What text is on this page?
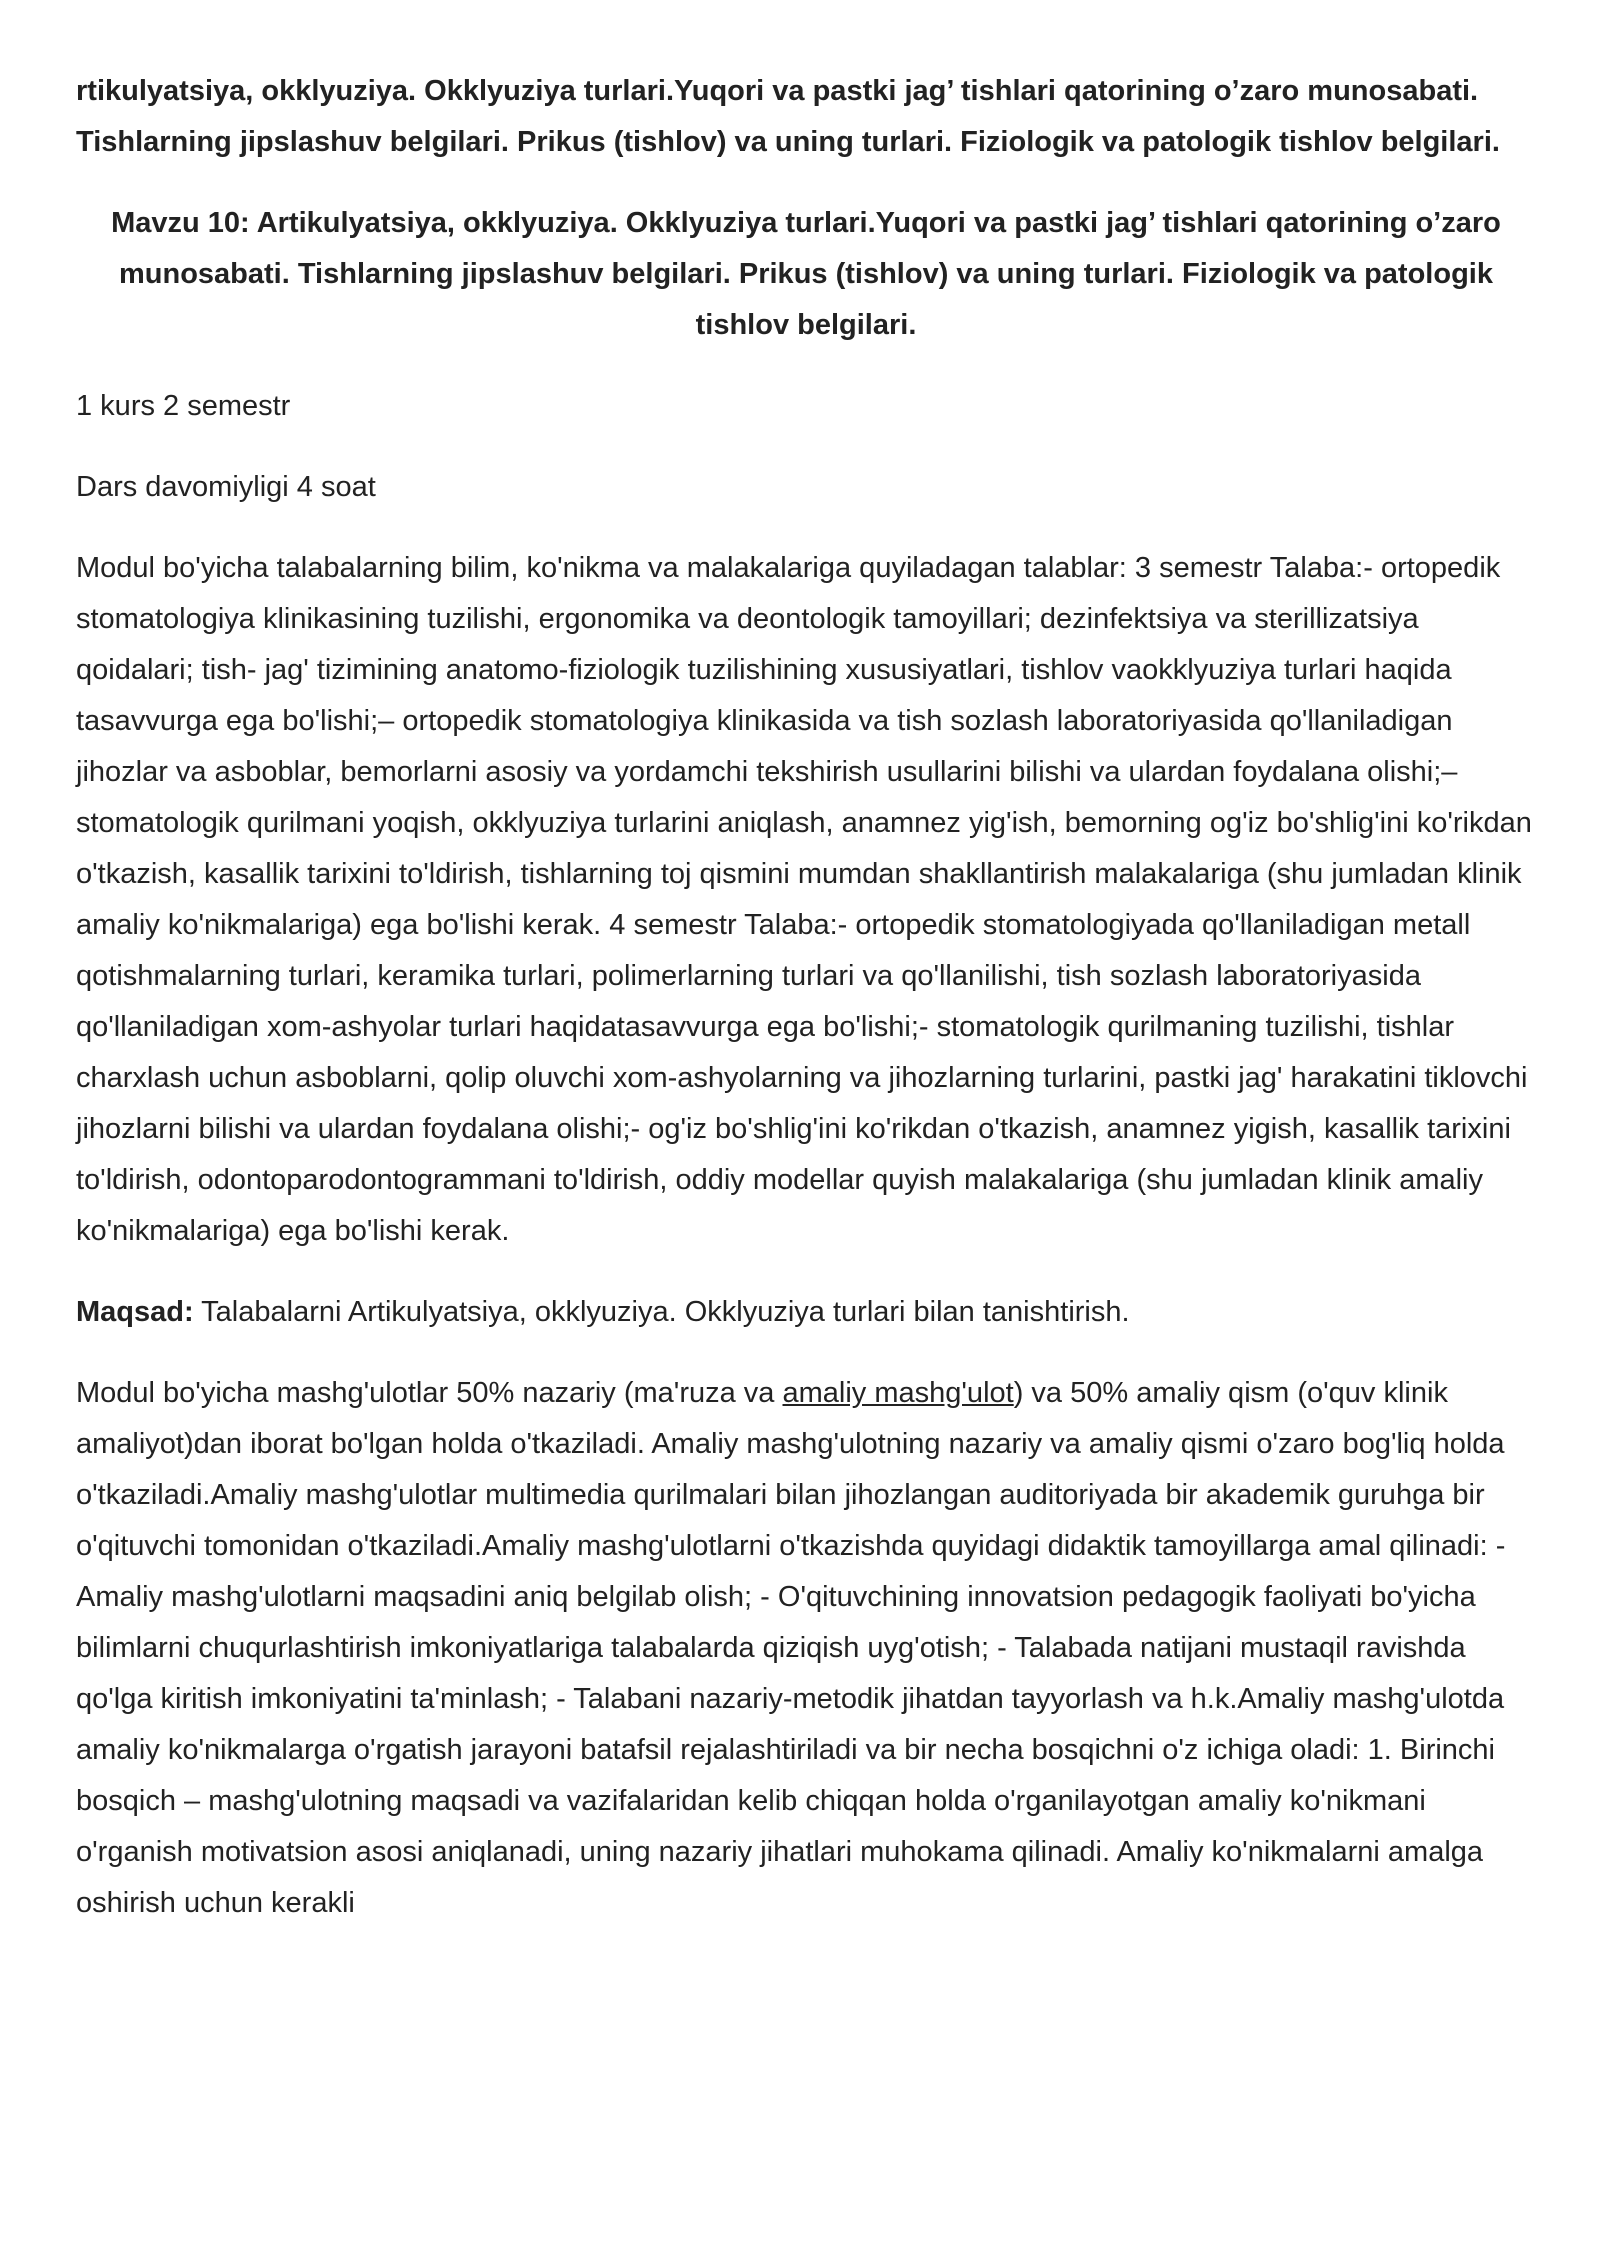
rtikulyatsiya, okklyuziya. Okklyuziya turlari.Yuqori va pastki jag’ tishlari qatorining o’zaro munosabati. Tishlarning jipslashuv belgilari. Prikus (tishlov) va uning turlari. Fiziologik va patologik tishlov belgilari.

Mavzu 10: Artikulyatsiya, okklyuziya. Okklyuziya turlari.Yuqori va pastki jag’ tishlari qatorining o’zaro munosabati. Tishlarning jipslashuv belgilari. Prikus (tishlov) va uning turlari. Fiziologik va patologik tishlov belgilari.

1 kurs 2 semestr

Dars davomiyligi 4 soat

Modul bo'yicha talabalarning bilim, ko'nikma va malakalariga quyiladagan talablar: 3 semestr Talaba:- ortopedik stomatologiya klinikasining tuzilishi, ergonomika va deontologik tamoyillari; dezinfektsiya va sterillizatsiya qoidalari; tish- jag' tizimining anatomo-fiziologik tuzilishining xususiyatlari, tishlov vaokklyuziya turlari haqida tasavvurga ega bo'lishi;– ortopedik stomatologiya klinikasida va tish sozlash laboratoriyasida qo'llaniladigan jihozlar va asboblar, bemorlarni asosiy va yordamchi tekshirish usullarini bilishi va ulardan foydalana olishi;– stomatologik qurilmani yoqish, okklyuziya turlarini aniqlash, anamnez yig'ish, bemorning og'iz bo'shlig'ini ko'rikdan o'tkazish, kasallik tarixini to'ldirish, tishlarning toj qismini mumdan shakllantirish malakalariga (shu jumladan klinik amaliy ko'nikmalariga) ega bo'lishi kerak. 4 semestr Talaba:- ortopedik stomatologiyada qo'llaniladigan metall qotishmalarning turlari, keramika turlari, polimerlarning turlari va qo'llanilishi, tish sozlash laboratoriyasida qo'llaniladigan xom-ashyolar turlari haqidatasavvurga ega bo'lishi;- stomatologik qurilmaning tuzilishi, tishlar charxlash uchun asboblarni, qolip oluvchi xom-ashyolarning va jihozlarning turlarini, pastki jag' harakatini tiklovchi jihozlarni bilishi va ulardan foydalana olishi;- og'iz bo'shlig'ini ko'rikdan o'tkazish, anamnez yigish, kasallik tarixini to'ldirish, odontoparodontogrammani to'ldirish, oddiy modellar quyish malakalariga (shu jumladan klinik amaliy ko'nikmalariga) ega bo'lishi kerak.

Maqsad: Talabalarni Artikulyatsiya, okklyuziya. Okklyuziya turlari bilan tanishtirish.

Modul bo'yicha mashg'ulotlar 50% nazariy (ma'ruza va amaliy mashg'ulot) va 50% amaliy qism (o'quv klinik amaliyot)dan iborat bo'lgan holda o'tkaziladi. Amaliy mashg'ulotning nazariy va amaliy qismi o'zaro bog'liq holda o'tkaziladi.Amaliy mashg'ulotlar multimedia qurilmalari bilan jihozlangan auditoriyada bir akademik guruhga bir o'qituvchi tomonidan o'tkaziladi.Amaliy mashg'ulotlarni o'tkazishda quyidagi didaktik tamoyillarga amal qilinadi: - Amaliy mashg'ulotlarni maqsadini aniq belgilab olish; - O'qituvchining innovatsion pedagogik faoliyati bo'yicha bilimlarni chuqurlashtirish imkoniyatlariga talabalarda qiziqish uyg'otish; - Talabada natijani mustaqil ravishda qo'lga kiritish imkoniyatini ta'minlash; - Talabani nazariy-metodik jihatdan tayyorlash va h.k.Amaliy mashg'ulotda amaliy ko'nikmalarga o'rgatish jarayoni batafsil rejalashtiriladi va bir necha bosqichni o'z ichiga oladi: 1. Birinchi bosqich – mashg'ulotning maqsadi va vazifalaridan kelib chiqqan holda o'rganilayotgan amaliy ko'nikmani o'rganish motivatsion asosi aniqlanadi, uning nazariy jihatlari muhokama qilinadi. Amaliy ko'nikmalarni amalga oshirish uchun kerakli
